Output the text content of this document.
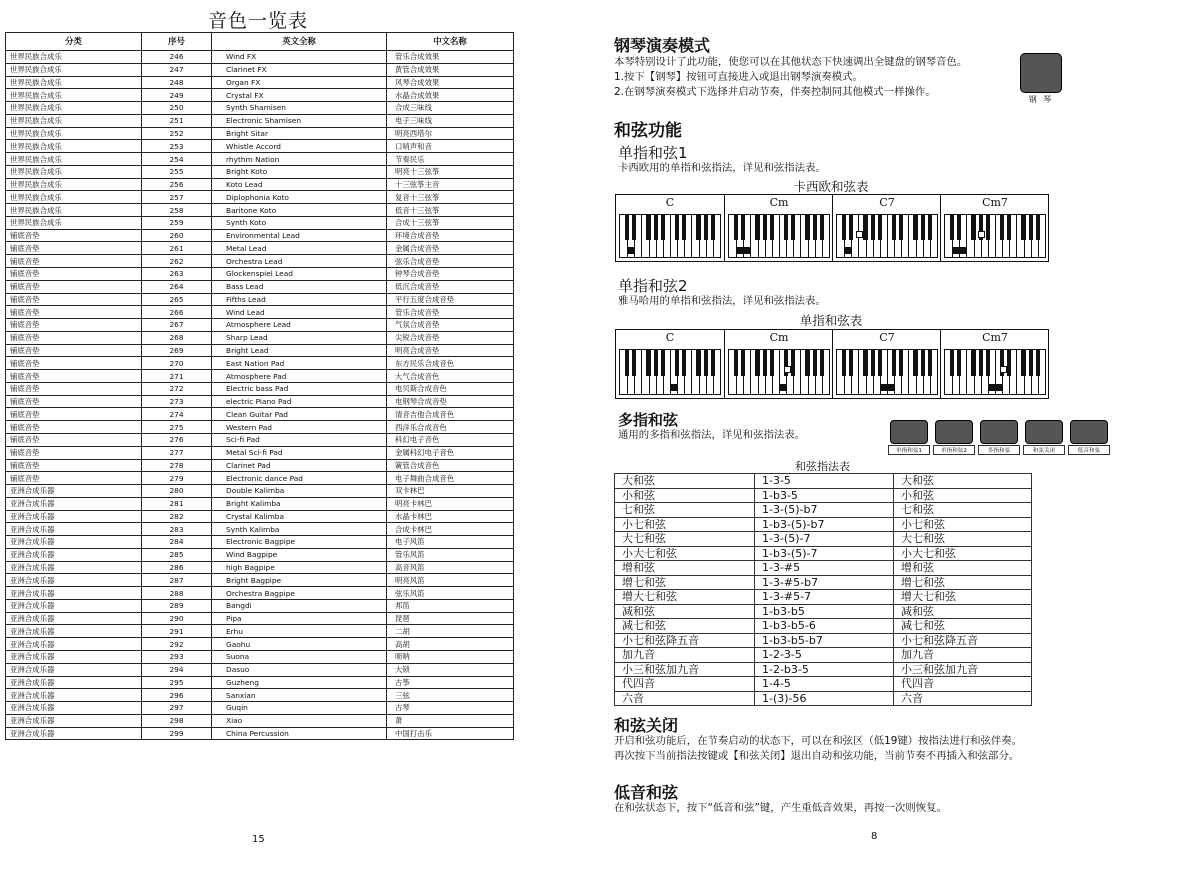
音色一览表
分类	序号	英文全称	中文名称
世界民族合成乐	246	Wind FX	管乐合成效果
世界民族合成乐	247	Clarinet FX	黄管合成效果
世界民族合成乐	248	Organ FX	风琴合成效果
世界民族合成乐	249	Crystal FX	水晶合成效果
世界民族合成乐	250	Synth Shamisen	合成三味线
世界民族合成乐	251	Electronic Shamisen	电子三味线
世界民族合成乐	252	Bright Sitar	明亮西塔尔
世界民族合成乐	253	Whistle Accord	口哨声和音
世界民族合成乐	254	rhythm Nation	节奏民乐
世界民族合成乐	255	Bright Koto	明亮十三弦筝
世界民族合成乐	256	Koto Lead	十三弦筝主音
世界民族合成乐	257	Diplophonia Koto	复音十三弦筝
世界民族合成乐	258	Baritone Koto	低音十三弦筝
世界民族合成乐	259	Synth Koto	合成十三弦筝
铺底音垫	260	Environmental Lead	环境合成音垫
铺底音垫	261	Metal Lead	金属合成音垫
铺底音垫	262	Orchestra Lead	弦乐合成音垫
铺底音垫	263	Glockenspiel Lead	钟琴合成音垫
铺底音垫	264	Bass Lead	低沉合成音垫
铺底音垫	265	Fifths Lead	平行五度合成音垫
铺底音垫	266	Wind Lead	管乐合成音垫
铺底音垫	267	Atmosphere Lead	气氛合成音垫
铺底音垫	268	Sharp Lead	尖锐合成音垫
铺底音垫	269	Bright Lead	明亮合成音垫
铺底音垫	270	East Nation Pad	东方民乐合成音色
铺底音垫	271	Atmosphere Pad	大气合成音色
铺底音垫	272	Electric bass Pad	电贝斯合成音色
铺底音垫	273	electric Piano Pad	电钢琴合成音垫
铺底音垫	274	Clean Guitar Pad	清音吉他合成音色
铺底音垫	275	Western Pad	西洋乐合成音色
铺底音垫	276	Sci-fi Pad	科幻电子音色
铺底音垫	277	Metal Sci-fi Pad	金属科幻电子音色
铺底音垫	278	Clarinet Pad	簧管合成音色
铺底音垫	279	Electronic dance Pad	电子舞曲合成音色
亚洲合成乐器	280	Double Kalimba	双卡林巴
亚洲合成乐器	281	Bright Kalimba	明亮卡林巴
亚洲合成乐器	282	Crystal Kalimba	水晶卡林巴
亚洲合成乐器	283	Synth Kalimba	合成卡林巴
亚洲合成乐器	284	Electronic Bagpipe	电子风笛
亚洲合成乐器	285	Wind Bagpipe	管乐风笛
亚洲合成乐器	286	high Bagpipe	高音风笛
亚洲合成乐器	287	Bright Bagpipe	明亮风笛
亚洲合成乐器	288	Orchestra Bagpipe	弦乐风笛
亚洲合成乐器	289	Bangdi	邦笛
亚洲合成乐器	290	Pipa	琵琶
亚洲合成乐器	291	Erhu	二胡
亚洲合成乐器	292	Gaohu	高胡
亚洲合成乐器	293	Suona	唢呐
亚洲合成乐器	294	Dasuo	大锁
亚洲合成乐器	295	Guzheng	古筝
亚洲合成乐器	296	Sanxian	三弦
亚洲合成乐器	297	Guqin	古琴
亚洲合成乐器	298	Xiao	萧
亚洲合成乐器	299	China Percussion	中国打击乐
15
钢琴演奏模式
本琴特别设计了此功能，使您可以在其他状态下快速调出全键盘的钢琴音色。
1.按下【钢琴】按钮可直接进入或退出钢琴演奏模式。
2.在钢琴演奏模式下选择并启动节奏，伴奏控制同其他模式一样操作。
钢 琴
和弦功能
单指和弦1
卡西欧用的单指和弦指法，详见和弦指法表。
卡西欧和弦表
C	Cm	C7	Cm7
单指和弦2
雅马哈用的单指和弦指法，详见和弦指法表。
单指和弦表
C	Cm	C7	Cm7
多指和弦
通用的多指和弦指法，详见和弦指法表。
单指和弦1	单指和弦2	多指和弦	和弦关闭	低音和弦
和弦指法表
大和弦	1-3-5	大和弦
小和弦	1-b3-5	小和弦
七和弦	1-3-(5)-b7	七和弦
小七和弦	1-b3-(5)-b7	小七和弦
大七和弦	1-3-(5)-7	大七和弦
小大七和弦	1-b3-(5)-7	小大七和弦
增和弦	1-3-#5	增和弦
增七和弦	1-3-#5-b7	增七和弦
增大七和弦	1-3-#5-7	增大七和弦
减和弦	1-b3-b5	减和弦
减七和弦	1-b3-b5-6	减七和弦
小七和弦降五音	1-b3-b5-b7	小七和弦降五音
加九音	1-2-3-5	加九音
小三和弦加九音	1-2-b3-5	小三和弦加九音
代四音	1-4-5	代四音
六音	1-(3)-56	六音
和弦关闭
开启和弦功能后，在节奏启动的状态下，可以在和弦区（低19键）按指法进行和弦伴奏。
再次按下当前指法按键或【和弦关闭】退出自动和弦功能，当前节奏不再插入和弦部分。
低音和弦
在和弦状态下，按下“低音和弦”键，产生重低音效果，再按一次则恢复。
8
